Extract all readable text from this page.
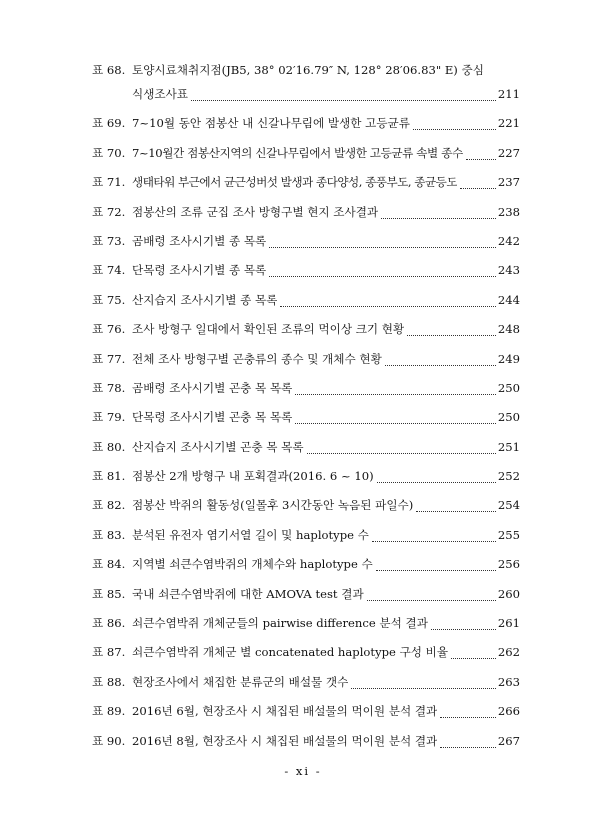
표 68. 토양시료채취지점(JB5, 38° 02′16.79″ N, 128° 28′06.83" E) 중심
식생조사표	211
표 69. 7~10월 동안 점봉산 내 신갈나무림에 발생한 고등균류	221
표 70. 7~10월간 점봉산지역의 신갈나무림에서 발생한 고등균류 속별 종수	227
표 71. 생태타워 부근에서 균근성버섯 발생과 종다양성, 종풍부도, 종균등도	237
표 72. 점봉산의 조류 군집 조사 방형구별 현지 조사결과	238
표 73. 곰배령 조사시기별 종 목록	242
표 74. 단목령 조사시기별 종 목록	243
표 75. 산지습지 조사시기별 종 목록	244
표 76. 조사 방형구 일대에서 확인된 조류의 먹이상 크기 현황	248
표 77. 전체 조사 방형구별 곤충류의 종수 및 개체수 현황	249
표 78. 곰배령 조사시기별 곤충 목 목록	250
표 79. 단목령 조사시기별 곤충 목 목록	250
표 80. 산지습지 조사시기별 곤충 목 목록	251
표 81. 점봉산 2개 방형구 내 포획결과(2016. 6 ~ 10)	252
표 82. 점봉산 박쥐의 활동성(일몰후 3시간동안 녹음된 파일수)	254
표 83. 분석된 유전자 염기서열 길이 및 haplotype 수	255
표 84. 지역별 쇠큰수염박쥐의 개체수와 haplotype 수	256
표 85. 국내 쇠큰수염박쥐에 대한 AMOVA test 결과	260
표 86. 쇠큰수염박쥐 개체군들의 pairwise difference 분석 결과	261
표 87. 쇠큰수염박쥐 개체군 별 concatenated haplotype 구성 비율	262
표 88. 현장조사에서 채집한 분류군의 배설물 갯수	263
표 89. 2016년 6월, 현장조사 시 채집된 배설물의 먹이원 분석 결과	266
표 90. 2016년 8월, 현장조사 시 채집된 배설물의 먹이원 분석 결과	267
- xi -
